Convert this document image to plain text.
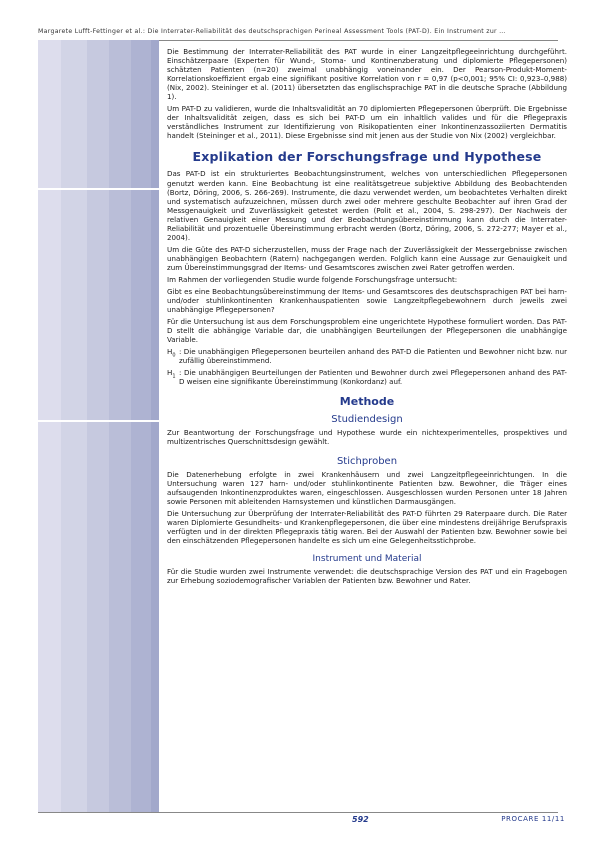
Margarete Lufft-Fettinger et al.: Die Interrater-Reliabilität des deutschsprachigen Perineal Assessment Tools (PAT-D). Ein Instrument zur …

Die Bestimmung der Interrater-Reliabilität des PAT wurde in einer Langzeitpflegeeinrichtung durchgeführt. Einschätzerpaare (Experten für Wund-, Stoma- und Kontinenzberatung und diplomierte Pflegepersonen) schätzten Patienten (n=20) zweimal unabhängig voneinander ein. Der Pearson-Produkt-Moment-Korrelationskoeffizient ergab eine signifikant positive Korrelation von r = 0,97 (p<0,001; 95% CI: 0,923–0,988) (Nix, 2002). Steininger et al. (2011) übersetzten das englischsprachige PAT in die deutsche Sprache (Abbildung 1).

Um PAT-D zu validieren, wurde die Inhaltsvalidität an 70 diplomierten Pflegepersonen überprüft. Die Ergebnisse der Inhaltsvalidität zeigen, dass es sich bei PAT-D um ein inhaltlich valides und für die Pflegepraxis verständliches Instrument zur Identifizierung von Risikopatienten einer Inkontinenzassoziierten Dermatitis handelt (Steininger et al., 2011). Diese Ergebnisse sind mit jenen aus der Studie von Nix (2002) vergleichbar.

Explikation der Forschungsfrage und Hypothese

Das PAT-D ist ein strukturiertes Beobachtungsinstrument, welches von unterschiedlichen Pflegepersonen genutzt werden kann. Eine Beobachtung ist eine realitätsgetreue subjektive Abbildung des Beobachtenden (Bortz, Döring, 2006, S. 266-269). Instrumente, die dazu verwendet werden, um beobachtetes Verhalten direkt und systematisch aufzuzeichnen, müssen durch zwei oder mehrere geschulte Beobachter auf ihren Grad der Messgenauigkeit und Zuverlässigkeit getestet werden (Polit et al., 2004, S. 298-297). Der Nachweis der relativen Genauigkeit einer Messung und der Beobachtungsübereinstimmung kann durch die Interrater-Reliabilität und prozentuelle Übereinstimmung erbracht werden (Bortz, Döring, 2006, S. 272-277; Mayer et al., 2004).

Um die Güte des PAT-D sicherzustellen, muss der Frage nach der Zuverlässigkeit der Messergebnisse zwischen unabhängigen Beobachtern (Ratern) nachgegangen werden. Folglich kann eine Aussage zur Genauigkeit und zum Übereinstimmungsgrad der Items- und Gesamtscores zwischen zwei Rater getroffen werden.

Im Rahmen der vorliegenden Studie wurde folgende Forschungsfrage untersucht:

Gibt es eine Beobachtungsübereinstimmung der Items- und Gesamtscores des deutschsprachigen PAT bei harn- und/oder stuhlinkontinenten Krankenhauspatienten sowie Langzeitpflegebewohnern durch jeweils zwei unabhängige Pflegepersonen?

Für die Untersuchung ist aus dem Forschungsproblem eine ungerichtete Hypothese formuliert worden. Das PAT-D stellt die abhängige Variable dar, die unabhängigen Beurteilungen der Pflegepersonen die unabhängige Variable.

$H_0$ : Die unabhängigen Pflegepersonen beurteilen anhand des PAT-D die Patienten und Bewohner nicht bzw. nur zufällig übereinstimmend.
$H_1$ : Die unabhängigen Beurteilungen der Patienten und Bewohner durch zwei Pflegepersonen anhand des PAT-D weisen eine signifikante Übereinstimmung (Konkordanz) auf.
Methode
Studiendesign

Zur Beantwortung der Forschungsfrage und Hypothese wurde ein nichtexperimentelles, prospektives und multizentrisches Querschnittsdesign gewählt.

Stichproben

Die Datenerhebung erfolgte in zwei Krankenhäusern und zwei Langzeitpflegeeinrichtungen. In die Untersuchung waren 127 harn- und/oder stuhlinkontinente Patienten bzw. Bewohner, die Träger eines aufsaugenden Inkontinenzproduktes waren, eingeschlossen. Ausgeschlossen wurden Personen unter 18 Jahren sowie Personen mit ableitenden Harnsystemen und künstlichen Darmausgängen.

Die Untersuchung zur Überprüfung der Interrater-Reliabilität des PAT-D führten 29 Raterpaare durch. Die Rater waren Diplomierte Gesundheits- und Krankenpflegepersonen, die über eine mindestens dreijährige Berufspraxis verfügten und in der direkten Pflegepraxis tätig waren. Bei der Auswahl der Patienten bzw. Bewohner sowie bei den einschätzenden Pflegepersonen handelte es sich um eine Gelegenheitsstichprobe.

Instrument und Material

Für die Studie wurden zwei Instrumente verwendet: die deutschsprachige Version des PAT und ein Fragebogen zur Erhebung soziodemografischer Variablen der Patienten bzw. Bewohner und Rater.

592	PROCARE 11/11
